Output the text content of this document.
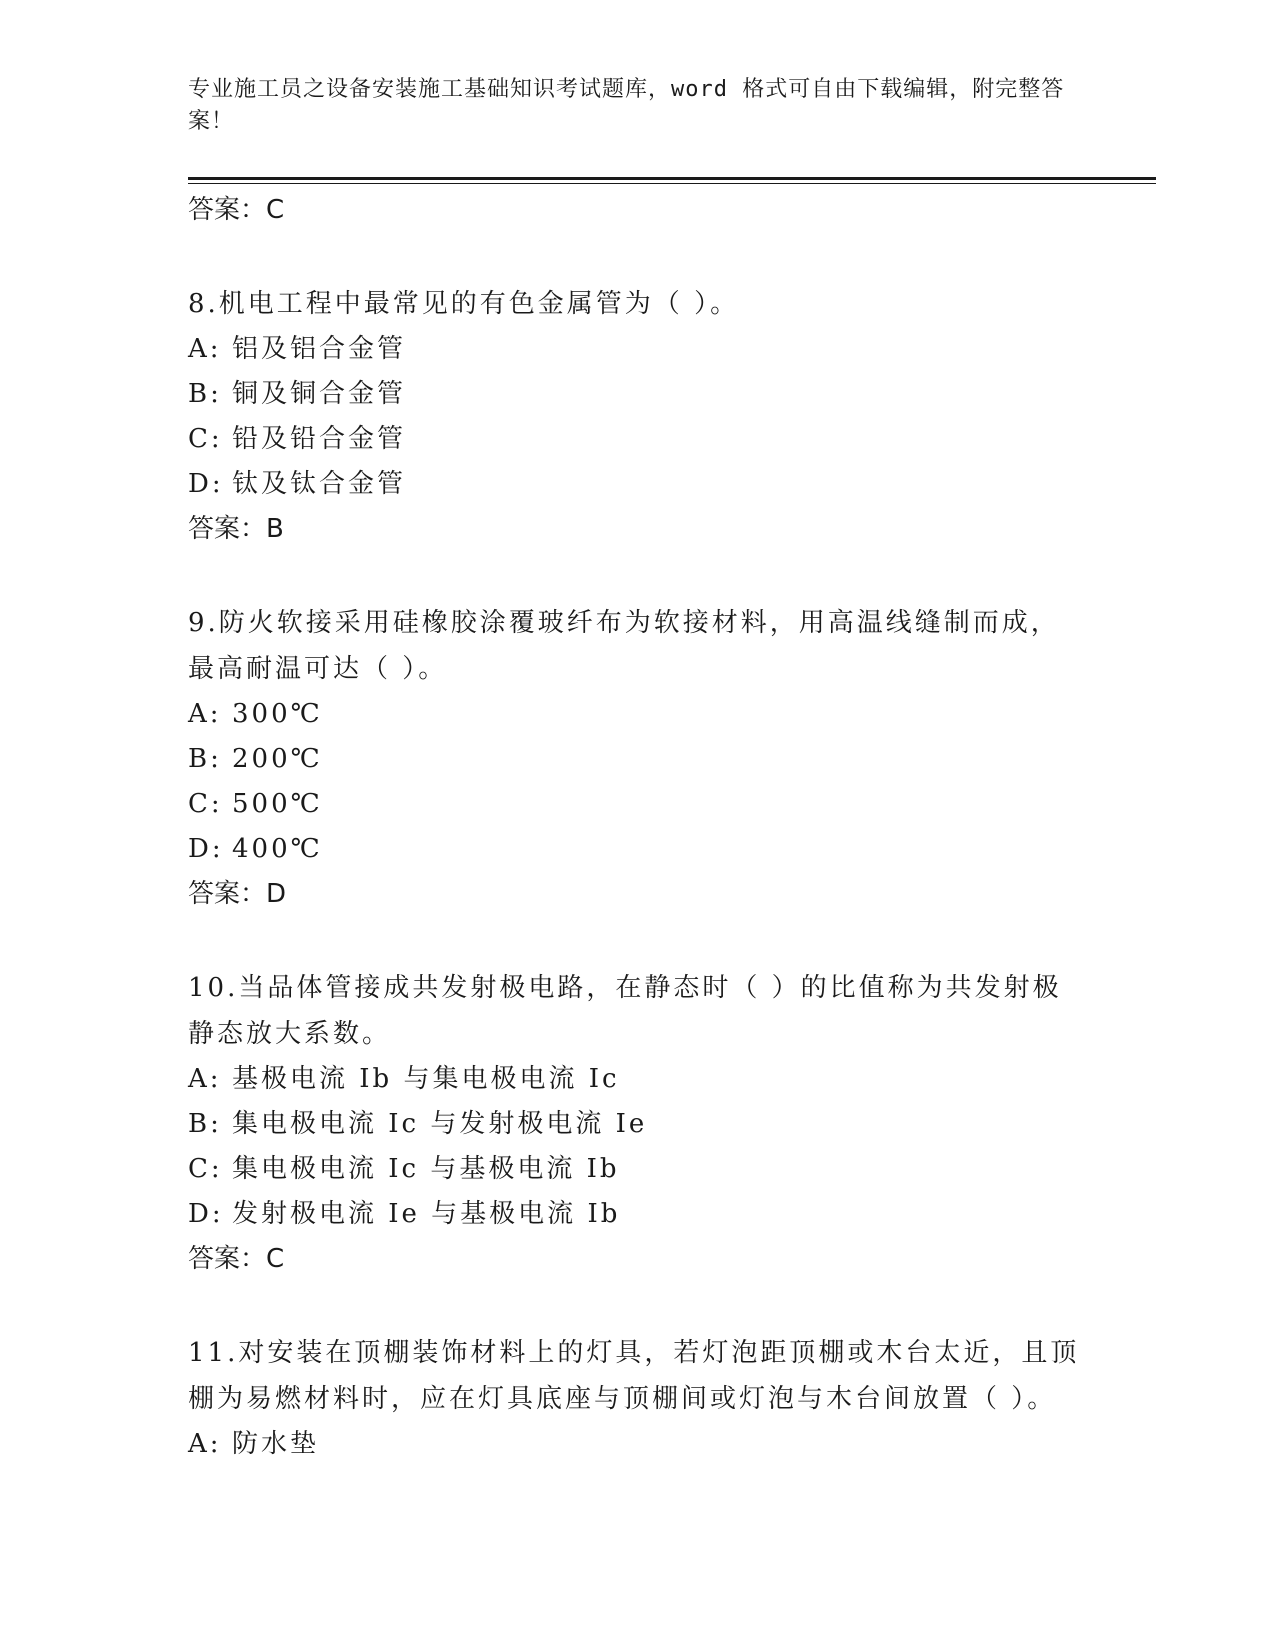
专业施工员之设备安装施工基础知识考试题库，word 格式可自由下载编辑，附完整答案！
答案：C
8.机电工程中最常见的有色金属管为（ ）。
A: 铝及铝合金管
B: 铜及铜合金管
C: 铅及铅合金管
D: 钛及钛合金管
答案：B
9.防火软接采用硅橡胶涂覆玻纤布为软接材料，用高温线缝制而成，最高耐温可达（ ）。
A: 300℃
B: 200℃
C: 500℃
D: 400℃
答案：D
10.当品体管接成共发射极电路，在静态时（ ）的比值称为共发射极静态放大系数。
A: 基极电流 Ib 与集电极电流 Ic
B: 集电极电流 Ic 与发射极电流 Ie
C: 集电极电流 Ic 与基极电流 Ib
D: 发射极电流 Ie 与基极电流 Ib
答案：C
11.对安装在顶棚装饰材料上的灯具，若灯泡距顶棚或木台太近，且顶棚为易燃材料时，应在灯具底座与顶棚间或灯泡与木台间放置（ ）。
A: 防水垫
